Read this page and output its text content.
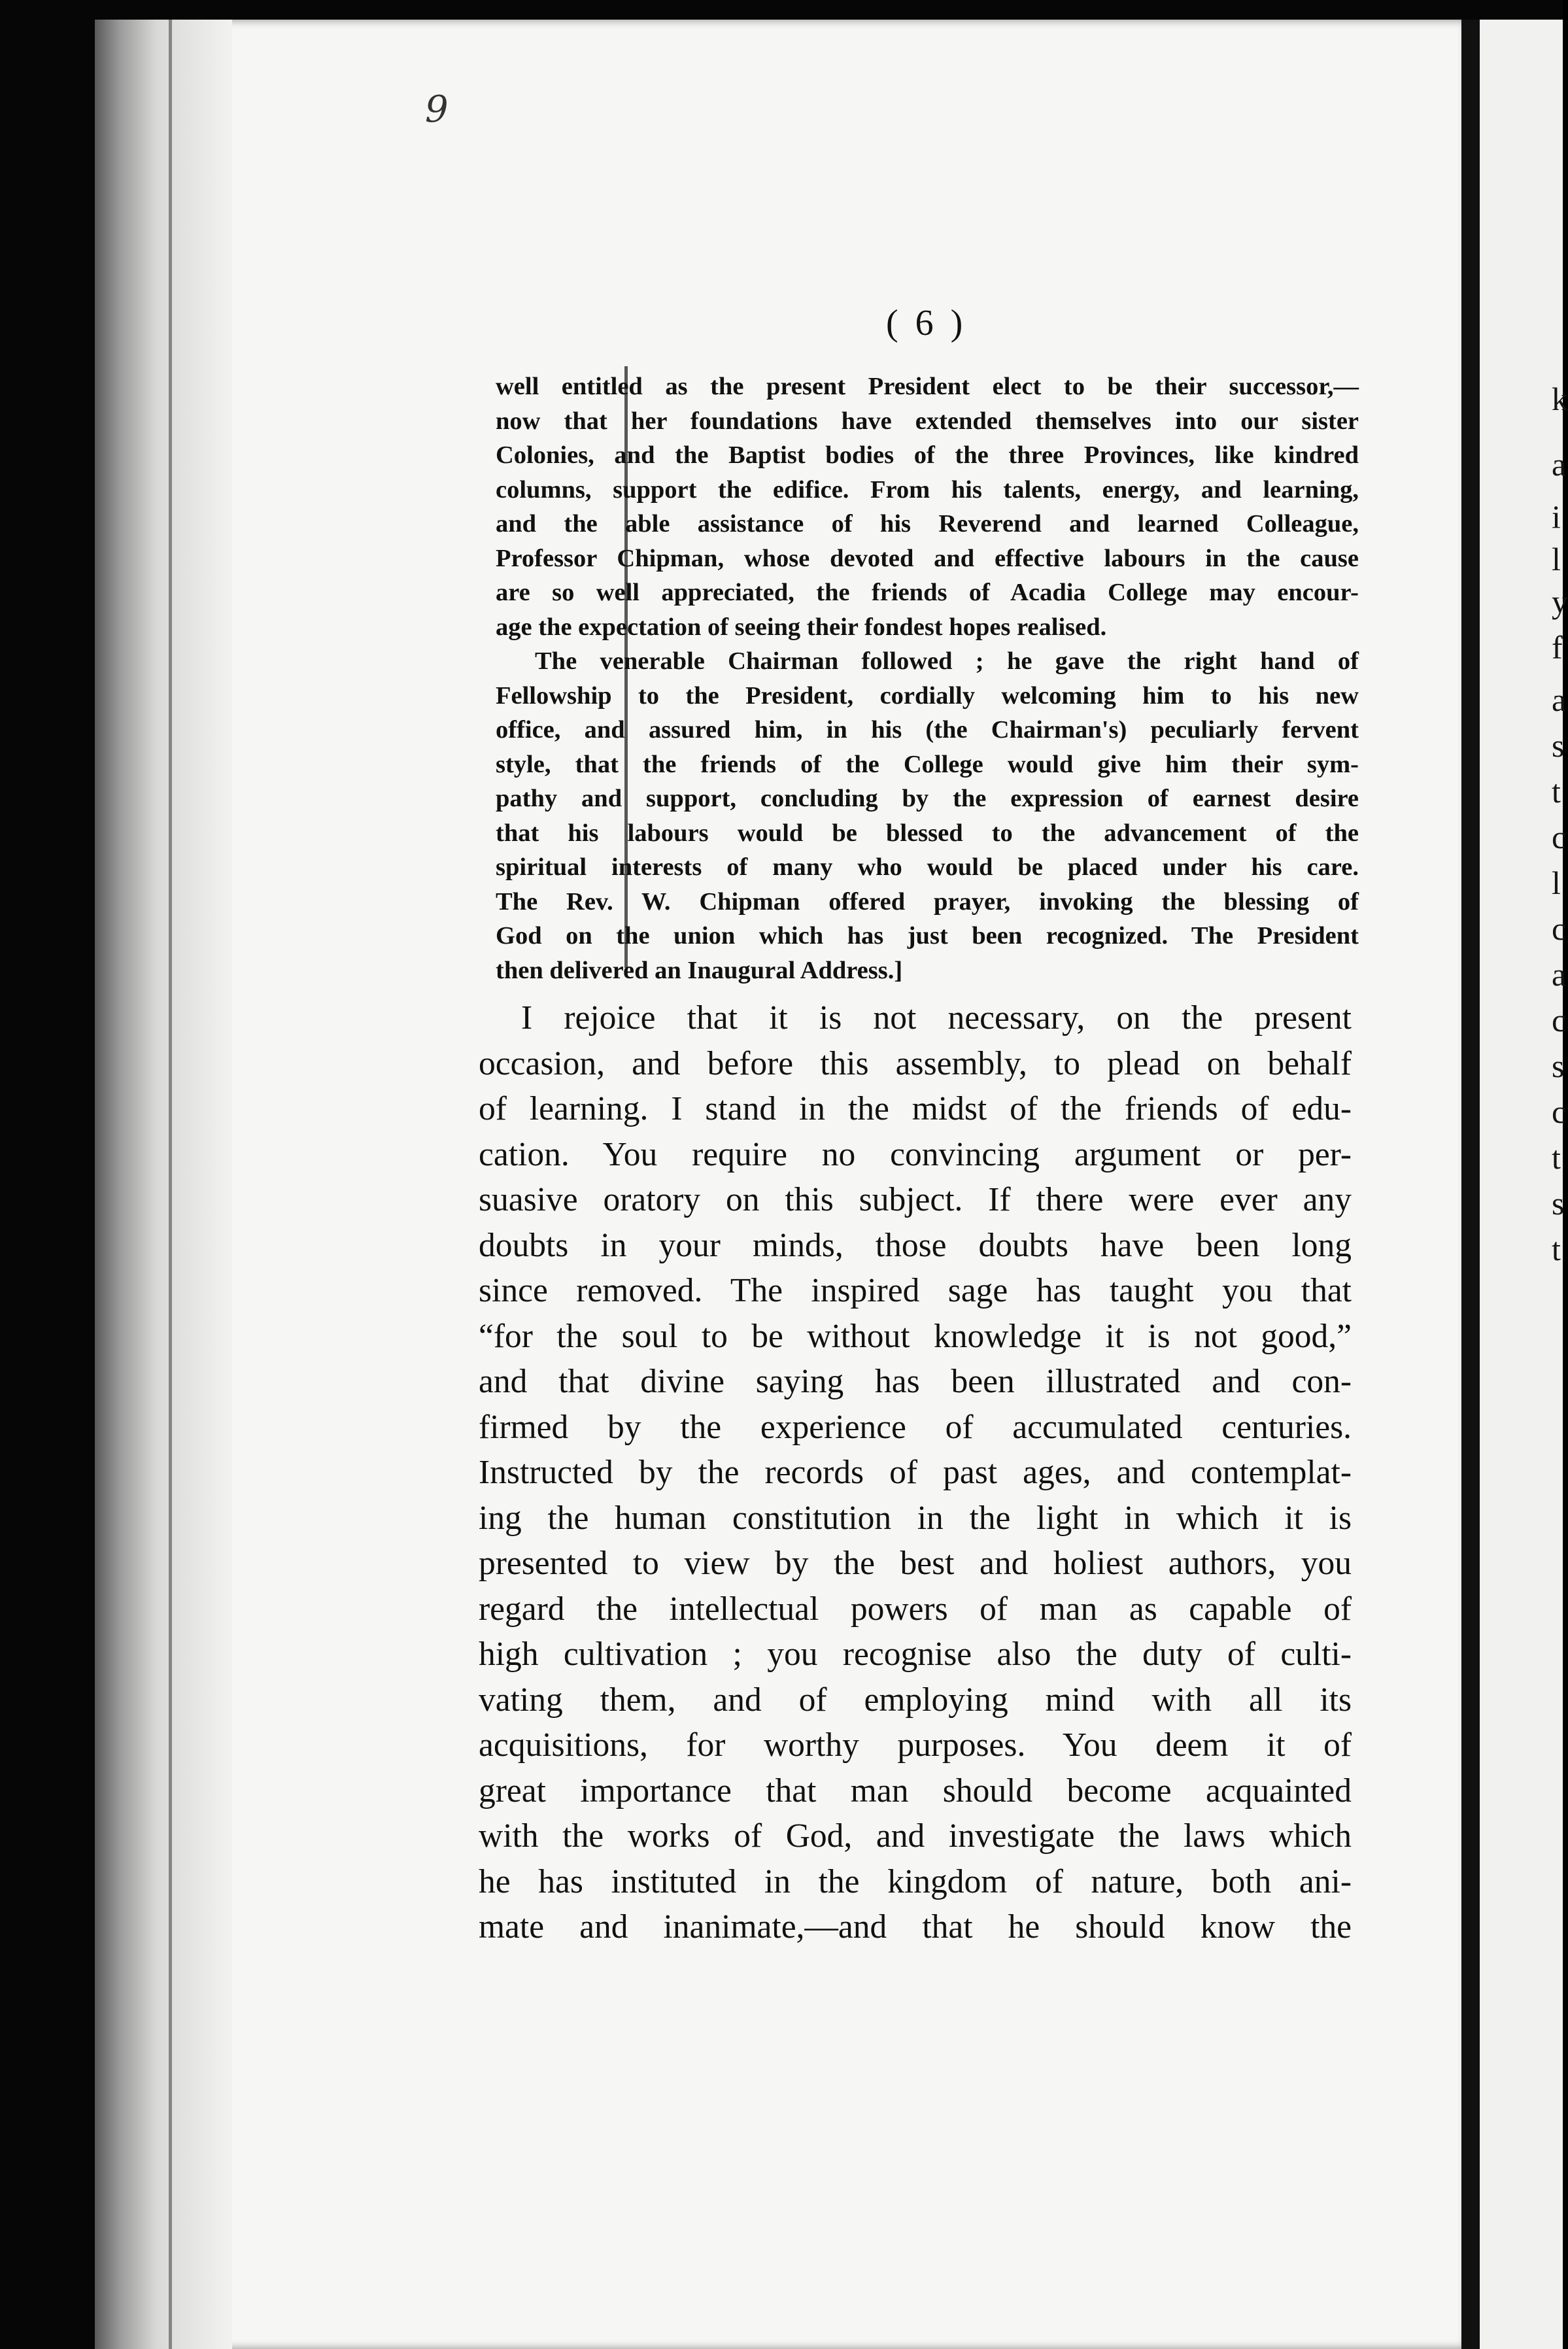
k
a
i
l
y
f
a
s
t
c
l
c
a
c
s
c
t
s
t
9
( 6 )
well entitled as the present President elect to be their successor,—
now that her foundations have extended themselves into our sister
Colonies, and the Baptist bodies of the three Provinces, like kindred
columns, support the edifice. From his talents, energy, and learning,
and the able assistance of his Reverend and learned Colleague,
Professor Chipman, whose devoted and effective labours in the cause
are so well appreciated, the friends of Acadia College may encour-
age the expectation of seeing their fondest hopes realised.
The venerable Chairman followed ; he gave the right hand of
Fellowship to the President, cordially welcoming him to his new
office, and assured him, in his (the Chairman's) peculiarly fervent
style, that the friends of the College would give him their sym-
pathy and support, concluding by the expression of earnest desire
that his labours would be blessed to the advancement of the
spiritual interests of many who would be placed under his care.
The Rev. W. Chipman offered prayer, invoking the blessing of
God on the union which has just been recognized. The President
then delivered an Inaugural Address.]
I rejoice that it is not necessary, on the present
occasion, and before this assembly, to plead on behalf
of learning. I stand in the midst of the friends of edu-
cation. You require no convincing argument or per-
suasive oratory on this subject. If there were ever any
doubts in your minds, those doubts have been long
since removed. The inspired sage has taught you that
“for the soul to be without knowledge it is not good,”
and that divine saying has been illustrated and con-
firmed by the experience of accumulated centuries.
Instructed by the records of past ages, and contemplat-
ing the human constitution in the light in which it is
presented to view by the best and holiest authors, you
regard the intellectual powers of man as capable of
high cultivation ; you recognise also the duty of culti-
vating them, and of employing mind with all its
acquisitions, for worthy purposes. You deem it of
great importance that man should become acquainted
with the works of God, and investigate the laws which
he has instituted in the kingdom of nature, both ani-
mate and inanimate,—and that he should know the
